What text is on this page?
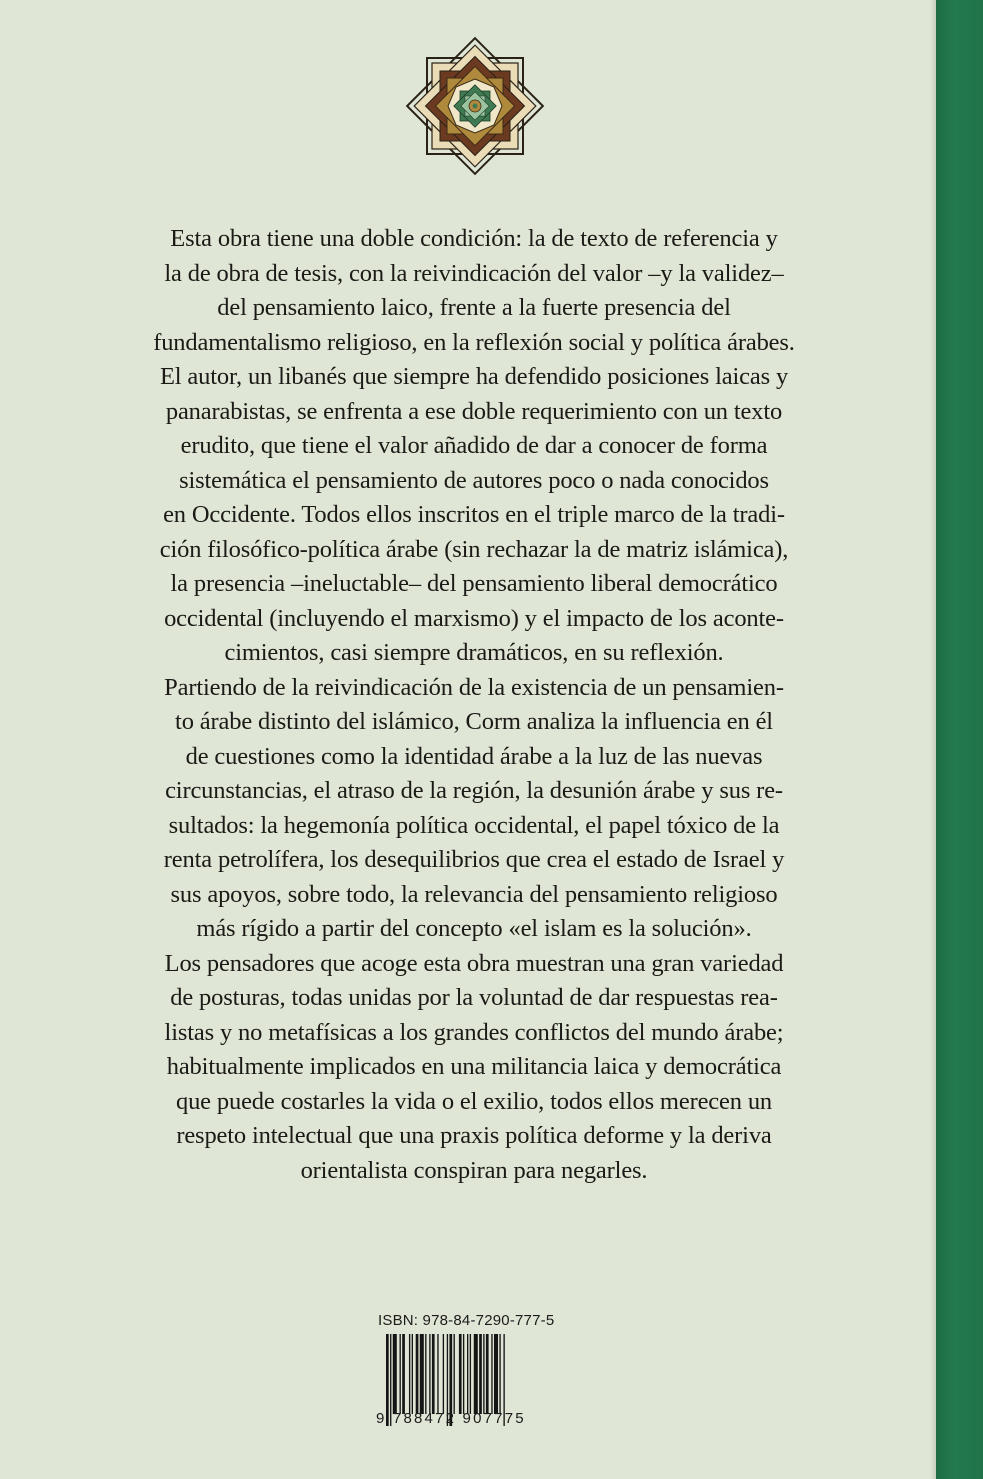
Esta obra tiene una doble condición: la de texto de referencia y
la de obra de tesis, con la reivindicación del valor –y la validez–
del pensamiento laico, frente a la fuerte presencia del
fundamentalismo religioso, en la reflexión social y política árabes.
El autor, un libanés que siempre ha defendido posiciones laicas y
panarabistas, se enfrenta a ese doble requerimiento con un texto
erudito, que tiene el valor añadido de dar a conocer de forma
sistemática el pensamiento de autores poco o nada conocidos
en Occidente. Todos ellos inscritos en el triple marco de la tradi-
ción filosófico-política árabe (sin rechazar la de matriz islámica),
la presencia –ineluctable– del pensamiento liberal democrático
occidental (incluyendo el marxismo) y el impacto de los aconte-
cimientos, casi siempre dramáticos, en su reflexión.
Partiendo de la reivindicación de la existencia de un pensamien-
to árabe distinto del islámico, Corm analiza la influencia en él
de cuestiones como la identidad árabe a la luz de las nuevas
circunstancias, el atraso de la región, la desunión árabe y sus re-
sultados: la hegemonía política occidental, el papel tóxico de la
renta petrolífera, los desequilibrios que crea el estado de Israel y
sus apoyos, sobre todo, la relevancia del pensamiento religioso
más rígido a partir del concepto «el islam es la solución».
Los pensadores que acoge esta obra muestran una gran variedad
de posturas, todas unidas por la voluntad de dar respuestas rea-
listas y no metafísicas a los grandes conflictos del mundo árabe;
habitualmente implicados en una militancia laica y democrática
que puede costarles la vida o el exilio, todos ellos merecen un
respeto intelectual que una praxis política deforme y la deriva
orientalista conspiran para negarles.
ISBN: 978-84-7290-777-5
9 788472 907775
